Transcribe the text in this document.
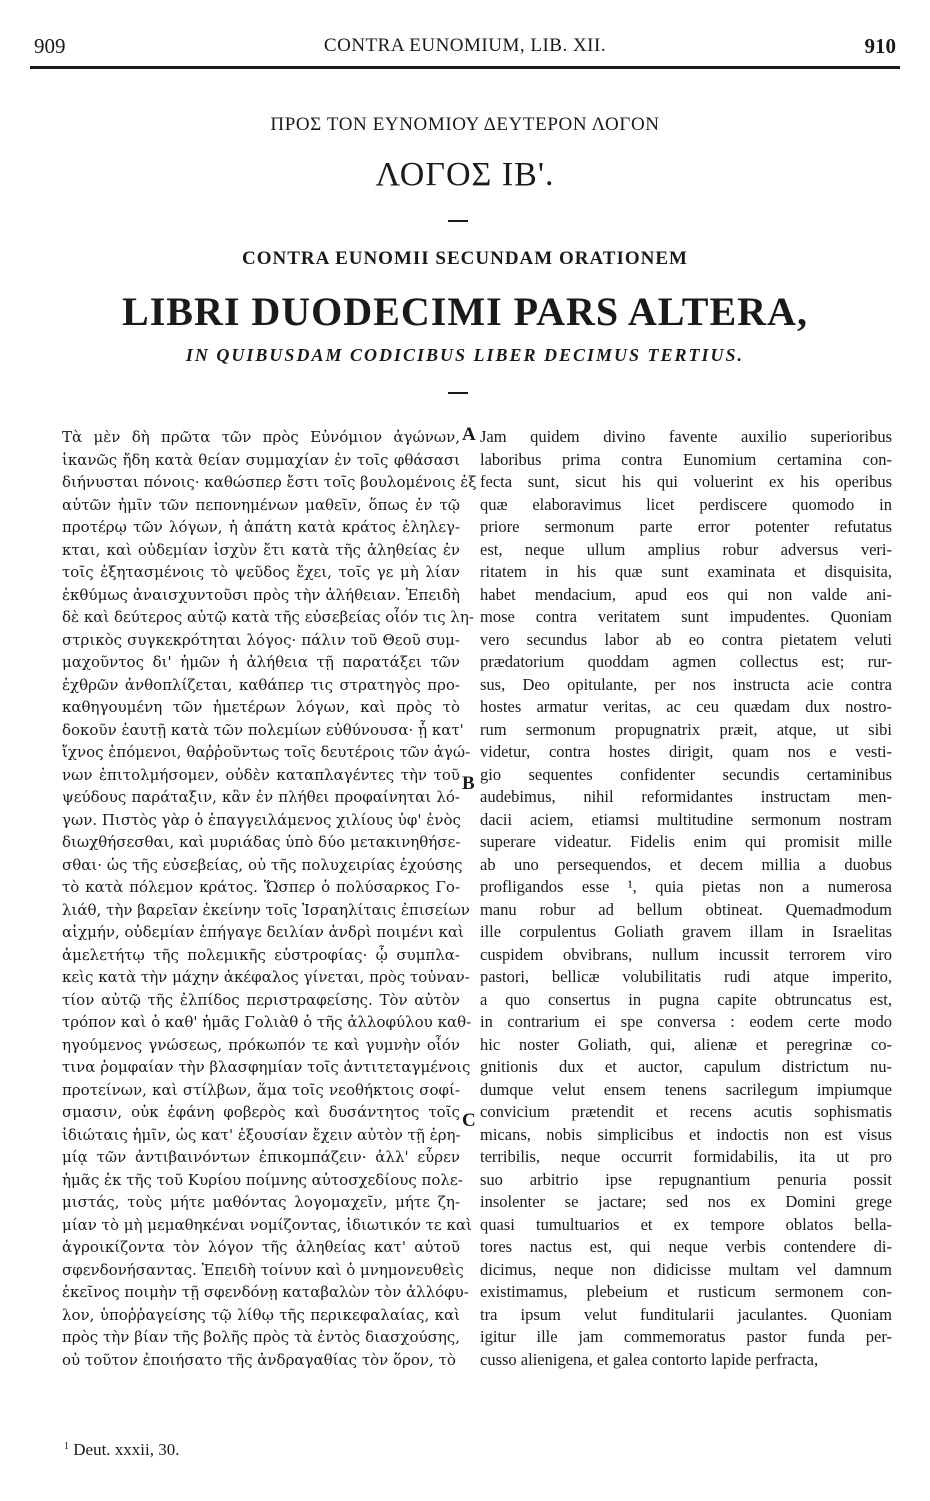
909	CONTRA EUNOMIUM, LIB. XII.	910
ΠΡΟΣ ΤΟΝ ΕΥΝΟΜΙΟΥ ΔΕΥΤΕΡΟΝ ΛΟΓΟΝ
ΛΟΓΟΣ ΙΒ'.
CONTRA EUNOMII SECUNDAM ORATIONEM
LIBRI DUODECIMI PARS ALTERA,
IN QUIBUSDAM CODICIBUS LIBER DECIMUS TERTIUS.
Τὰ μὲν δὴ πρῶτα τῶν πρὸς Εὐνόμιον ἀγώνων,
ἱκανῶς ἤδη κατὰ θείαν συμμαχίαν ἐν τοῖς φθάσασι
διήνυσται πόνοις· καθώσπερ ἔστι τοῖς βουλομένοις ἐξ
αὐτῶν ἡμῖν τῶν πεπονημένων μαθεῖν, ὅπως ἐν τῷ
προτέρῳ τῶν λόγων, ἡ ἀπάτη κατὰ κράτος ἐληλεγ-
κται, καὶ οὐδεμίαν ἰσχὺν ἔτι κατὰ τῆς ἀληθείας ἐν
τοῖς ἐξητασμένοις τὸ ψεῦδος ἔχει, τοῖς γε μὴ λίαν
ἐκθύμως ἀναισχυντοῦσι πρὸς τὴν ἀλήθειαν. Ἐπειδὴ
δὲ καὶ δεύτερος αὐτῷ κατὰ τῆς εὐσεβείας οἷόν τις λη-
στρικὸς συγκεκρότηται λόγος· πάλιν τοῦ Θεοῦ συμ-
μαχοῦντος δι' ἡμῶν ἡ ἀλήθεια τῇ παρατάξει τῶν
ἐχθρῶν ἀνθοπλίζεται, καθάπερ τις στρατηγὸς προ-
καθηγουμένη τῶν ἡμετέρων λόγων, καὶ πρὸς τὸ
δοκοῦν ἑαυτῇ κατὰ τῶν πολεμίων εὐθύνουσα· ᾗ κατ'
ἴχνος ἑπόμενοι, θαῤῥοῦντως τοῖς δευτέροις τῶν ἀγώ-
νων ἐπιτολμήσομεν, οὐδὲν καταπλαγέντες τὴν τοῦ
ψεύδους παράταξιν, κἂν ἐν πλήθει προφαίνηται λό-
γων. Πιστὸς γὰρ ὁ ἐπαγγειλάμενος χιλίους ὑφ' ἑνὸς
διωχθήσεσθαι, καὶ μυριάδας ὑπὸ δύο μετακινηθήσε-
σθαι· ὡς τῆς εὐσεβείας, οὐ τῆς πολυχειρίας ἐχούσης
τὸ κατὰ πόλεμον κράτος. Ὥσπερ ὁ πολύσαρκος Γο-
λιάθ, τὴν βαρεῖαν ἐκείνην τοῖς Ἰσραηλίταις ἐπισείων
αἰχμήν, οὐδεμίαν ἐπήγαγε δειλίαν ἀνδρὶ ποιμένι καὶ
ἀμελετήτῳ τῆς πολεμικῆς εὐστροφίας· ᾧ συμπλα-
κεὶς κατὰ τὴν μάχην ἀκέφαλος γίνεται, πρὸς τοὐναν-
τίον αὐτῷ τῆς ἐλπίδος περιστραφείσης. Τὸν αὐτὸν
τρόπον καὶ ὁ καθ' ἡμᾶς Γολιὰθ ὁ τῆς ἀλλοφύλου καθ-
ηγούμενος γνώσεως, πρόκωπόν τε καὶ γυμνὴν οἷόν
τινα ῥομφαίαν τὴν βλασφημίαν τοῖς ἀντιτεταγμένοις
προτείνων, καὶ στίλβων, ἅμα τοῖς νεοθήκτοις σοφί-
σμασιν, οὐκ ἐφάνη φοβερὸς καὶ δυσάντητος τοῖς
ἰδιώταις ἡμῖν, ὡς κατ' ἐξουσίαν ἔχειν αὐτὸν τῇ ἐρη-
μίᾳ τῶν ἀντιβαινόντων ἐπικομπάζειν· ἀλλ' εὗρεν
ἡμᾶς ἐκ τῆς τοῦ Κυρίου ποίμνης αὐτοσχεδίους πολε-
μιστάς, τοὺς μήτε μαθόντας λογομαχεῖν, μήτε ζη-
μίαν τὸ μὴ μεμαθηκέναι νομίζοντας, ἰδιωτικόν τε καὶ
ἀγροικίζοντα τὸν λόγον τῆς ἀληθείας κατ' αὐτοῦ
σφενδονήσαντας. Ἐπειδὴ τοίνυν καὶ ὁ μνημονευθεὶς
ἐκεῖνος ποιμὴν τῇ σφενδόνῃ καταβαλὼν τὸν ἀλλόφυ-
λον, ὑποῤῥαγείσης τῷ λίθῳ τῆς περικεφαλαίας, καὶ
πρὸς τὴν βίαν τῆς βολῆς πρὸς τὰ ἐντὸς διασχούσης,
οὐ τοῦτον ἐποιήσατο τῆς ἀνδραγαθίας τὸν ὅρον, τὸ
Jam quidem divino favente auxilio superioribus
laboribus prima contra Eunomium certamina con-
fecta sunt, sicut his qui voluerint ex his operibus
quæ elaboravimus licet perdiscere quomodo in
priore sermonum parte error potenter refutatus
est, neque ullum amplius robur adversus veri-
ritatem in his quæ sunt examinata et disquisita,
habet mendacium, apud eos qui non valde ani-
mose contra veritatem sunt impudentes. Quoniam
vero secundus labor ab eo contra pietatem veluti
prædatorium quoddam agmen collectus est; rur-
sus, Deo opitulante, per nos instructa acie contra
hostes armatur veritas, ac ceu quædam dux nostro-
rum sermonum propugnatrix præit, atque, ut sibi
videtur, contra hostes dirigit, quam nos e vesti-
gio sequentes confidenter secundis certaminibus
audebimus, nihil reformidantes instructam men-
dacii aciem, etiamsi multitudine sermonum nostram
superare videatur. Fidelis enim qui promisit mille
ab uno persequendos, et decem millia a duobus
profligandos esse ¹, quia pietas non a numerosa
manu robur ad bellum obtineat. Quemadmodum
ille corpulentus Goliath gravem illam in Israelitas
cuspidem obvibrans, nullum incussit terrorem viro
pastori, bellicæ volubilitatis rudi atque imperito,
a quo consertus in pugna capite obtruncatus est,
in contrarium ei spe conversa : eodem certe modo
hic noster Goliath, qui, alienæ et peregrinæ co-
gnitionis dux et auctor, capulum districtum nu-
dumque velut ensem tenens sacrilegum impiumque
convicium prætendit et recens acutis sophismatis
micans, nobis simplicibus et indoctis non est visus
terribilis, neque occurrit formidabilis, ita ut pro
suo arbitrio ipse repugnantium penuria possit
insolenter se jactare; sed nos ex Domini grege
quasi tumultuarios et ex tempore oblatos bella-
tores nactus est, qui neque verbis contendere di-
dicimus, neque non didicisse multam vel damnum
existimamus, plebeium et rusticum sermonem con-
tra ipsum velut funditularii jaculantes. Quoniam
igitur ille jam commemoratus pastor funda per-
cusso alienigena, et galea contorto lapide perfracta,
A
B
C
$^1$ Deut. xxxii, 30.
